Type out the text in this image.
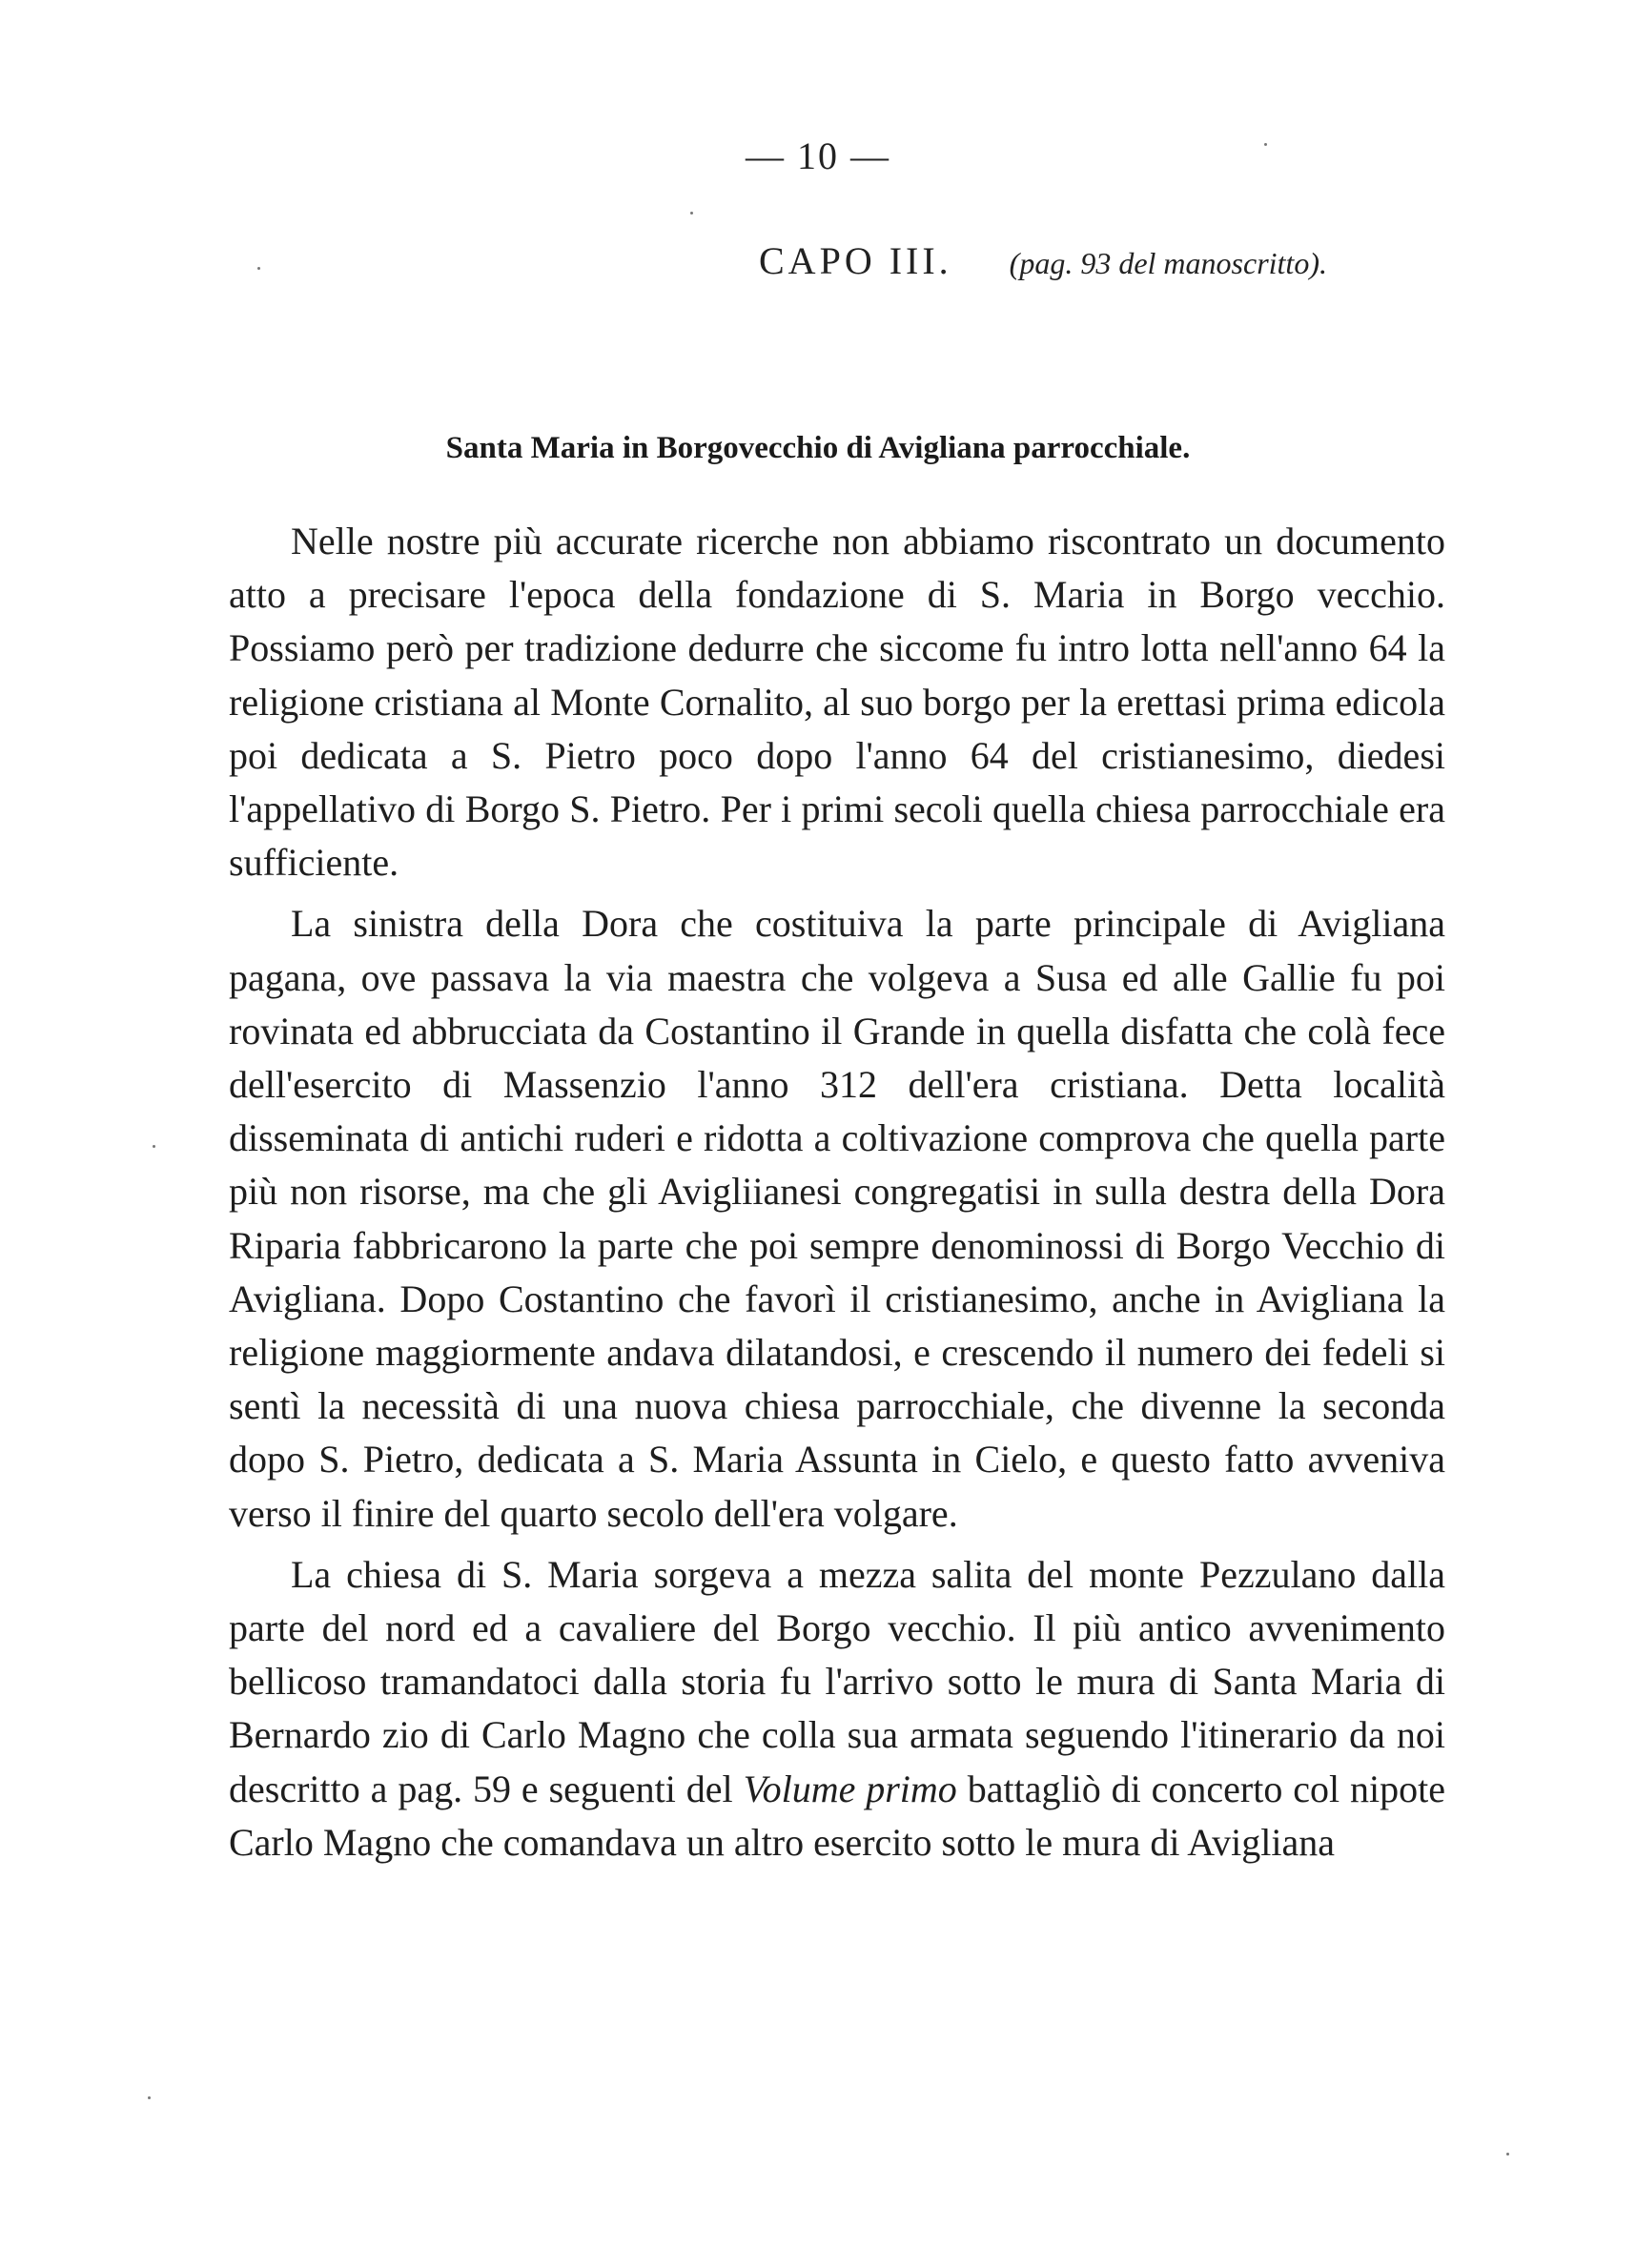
— 10 —
CAPO III. (pag. 93 del manoscritto).
Santa Maria in Borgovecchio di Avigliana parrocchiale.

Nelle nostre più accurate ricerche non abbiamo riscontrato un documento atto a precisare l'epoca della fondazione di S. Maria in Borgo vecchio. Possiamo però per tradizione dedurre che siccome fu intro lotta nell'anno 64 la religione cristiana al Monte Cornalito, al suo borgo per la erettasi prima edicola poi dedicata a S. Pietro poco dopo l'anno 64 del cristianesimo, diedesi l'appellativo di Borgo S. Pietro. Per i primi secoli quella chiesa parrocchiale era sufficiente.

La sinistra della Dora che costituiva la parte principale di Avigliana pagana, ove passava la via maestra che volgeva a Susa ed alle Gallie fu poi rovinata ed abbrucciata da Costantino il Grande in quella disfatta che colà fece dell'esercito di Massenzio l'anno 312 dell'era cristiana. Detta località disseminata di antichi ruderi e ridotta a coltivazione comprova che quella parte più non risorse, ma che gli Avigliianesi congregatisi in sulla destra della Dora Riparia fabbricarono la parte che poi sempre denominossi di Borgo Vecchio di Avigliana. Dopo Costantino che favorì il cristianesimo, anche in Avigliana la religione maggiormente andava dilatandosi, e crescendo il numero dei fedeli si sentì la necessità di una nuova chiesa parrocchiale, che divenne la seconda dopo S. Pietro, dedicata a S. Maria Assunta in Cielo, e questo fatto avveniva verso il finire del quarto secolo dell'era volgare.

La chiesa di S. Maria sorgeva a mezza salita del monte Pezzulano dalla parte del nord ed a cavaliere del Borgo vecchio. Il più antico avvenimento bellicoso tramandatoci dalla storia fu l'arrivo sotto le mura di Santa Maria di Bernardo zio di Carlo Magno che colla sua armata seguendo l'itinerario da noi descritto a pag. 59 e seguenti del Volume primo battagliò di concerto col nipote Carlo Magno che comandava un altro esercito sotto le mura di Avigliana
